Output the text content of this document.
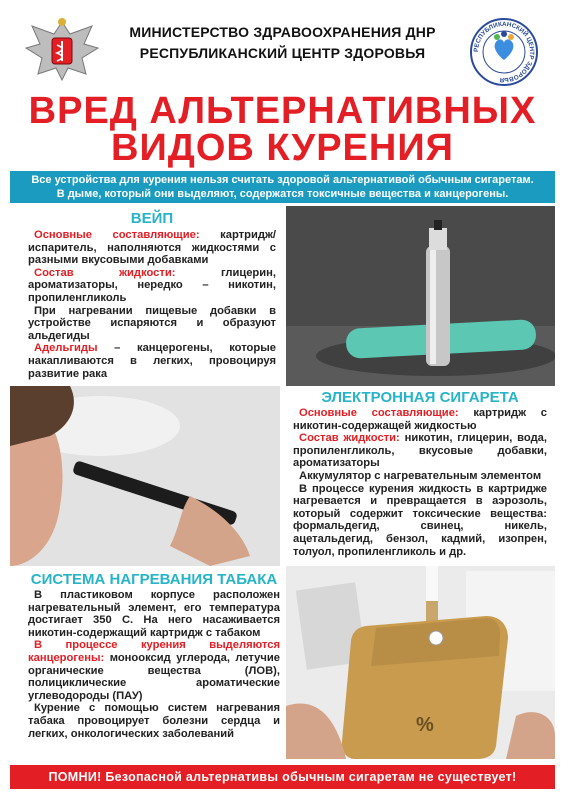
МИНИСТЕРСТВО ЗДРАВООХРАНЕНИЯ ДНР
РЕСПУБЛИКАНСКИЙ ЦЕНТР ЗДОРОВЬЯ	РЕСПУБЛИКАНСКИЙ ЦЕНТР ЗДОРОВЬЯ
ВРЕД АЛЬТЕРНАТИВНЫХ
ВИДОВ КУРЕНИЯ
Все устройства для курения нельзя считать здоровой альтернативой обычным сигаретам.
В дыме, который они выделяют, содержатся токсичные вещества и канцерогены.
ВЕЙП
Основные составляющие: картридж/испаритель, наполняются жидкостями с разными вкусовыми добавками
Состав жидкости: глицерин, ароматизаторы, нередко – никотин, пропиленгликоль
При нагревании пищевые добавки в устройстве испаряются и образуют альдегиды
Адельгиды – канцерогены, которые накапливаются в легких, провоцируя развитие рака
ЭЛЕКТРОННАЯ СИГАРЕТА
Основные составляющие: картридж с никотин-содержащей жидкостью
Состав жидкости: никотин, глицерин, вода, пропиленгликоль, вкусовые добавки, ароматизаторы
Аккумулятор с нагревательным элементом
В процессе курения жидкость в картридже нагревается и превращается в аэрозоль, который содержит токсические вещества: формальдегид, свинец, никель, ацетальдегид, бензол, кадмий, изопрен, толуол, пропиленгликоль и др.
СИСТЕМА НАГРЕВАНИЯ ТАБАКА
В пластиковом корпусе расположен нагревательный элемент, его температура достигает 350 С. На него насаживается никотин-содержащий картридж с табаком
В процессе курения выделяются канцерогены: монооксид углерода, летучие органические вещества (ЛОВ), полициклические ароматические углеводороды (ПАУ)
Курение с помощью систем нагревания табака провоцирует болезни сердца и легких, онкологических заболеваний	%
ПОМНИ! Безопасной альтернативы обычным сигаретам не существует!
